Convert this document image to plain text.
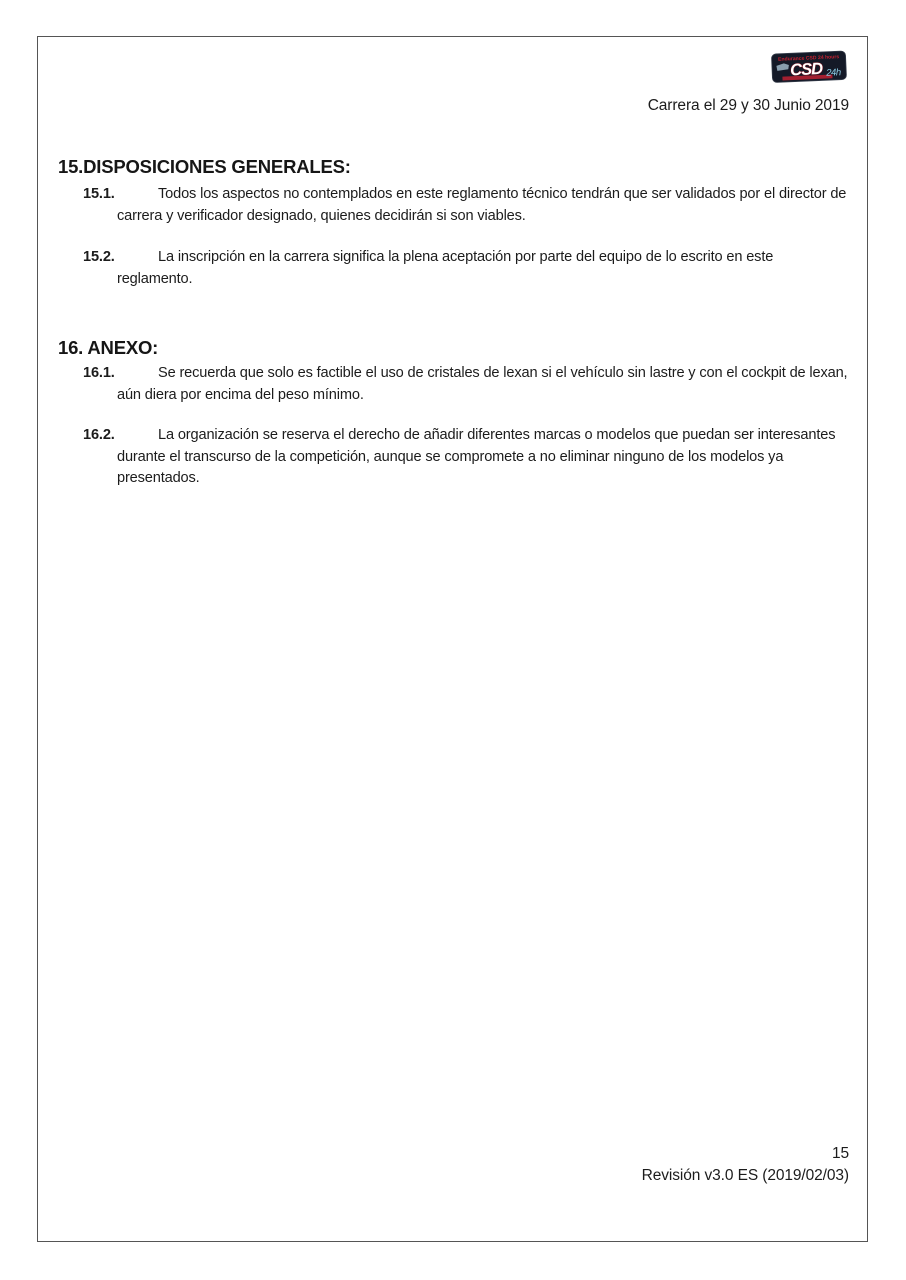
Endurance CSD 24 hours
CSD 24h
Carrera el 29 y 30 Junio 2019
15.DISPOSICIONES GENERALES:
15.1.	Todos los aspectos no contemplados en este reglamento técnico tendrán que ser validados por el director de carrera y verificador designado, quienes decidirán si son viables.
15.2.	La inscripción en la carrera significa la plena aceptación por parte del equipo de lo escrito en este reglamento.
16. ANEXO:
16.1.	Se recuerda que solo es factible el uso de cristales de lexan si el vehículo sin lastre y con el cockpit de lexan, aún diera por encima del peso mínimo.
16.2.	La organización se reserva el derecho de añadir diferentes marcas o modelos que puedan ser interesantes durante el transcurso de la competición, aunque se compromete a no eliminar ninguno de los modelos ya presentados.
15
Revisión v3.0 ES (2019/02/03)
